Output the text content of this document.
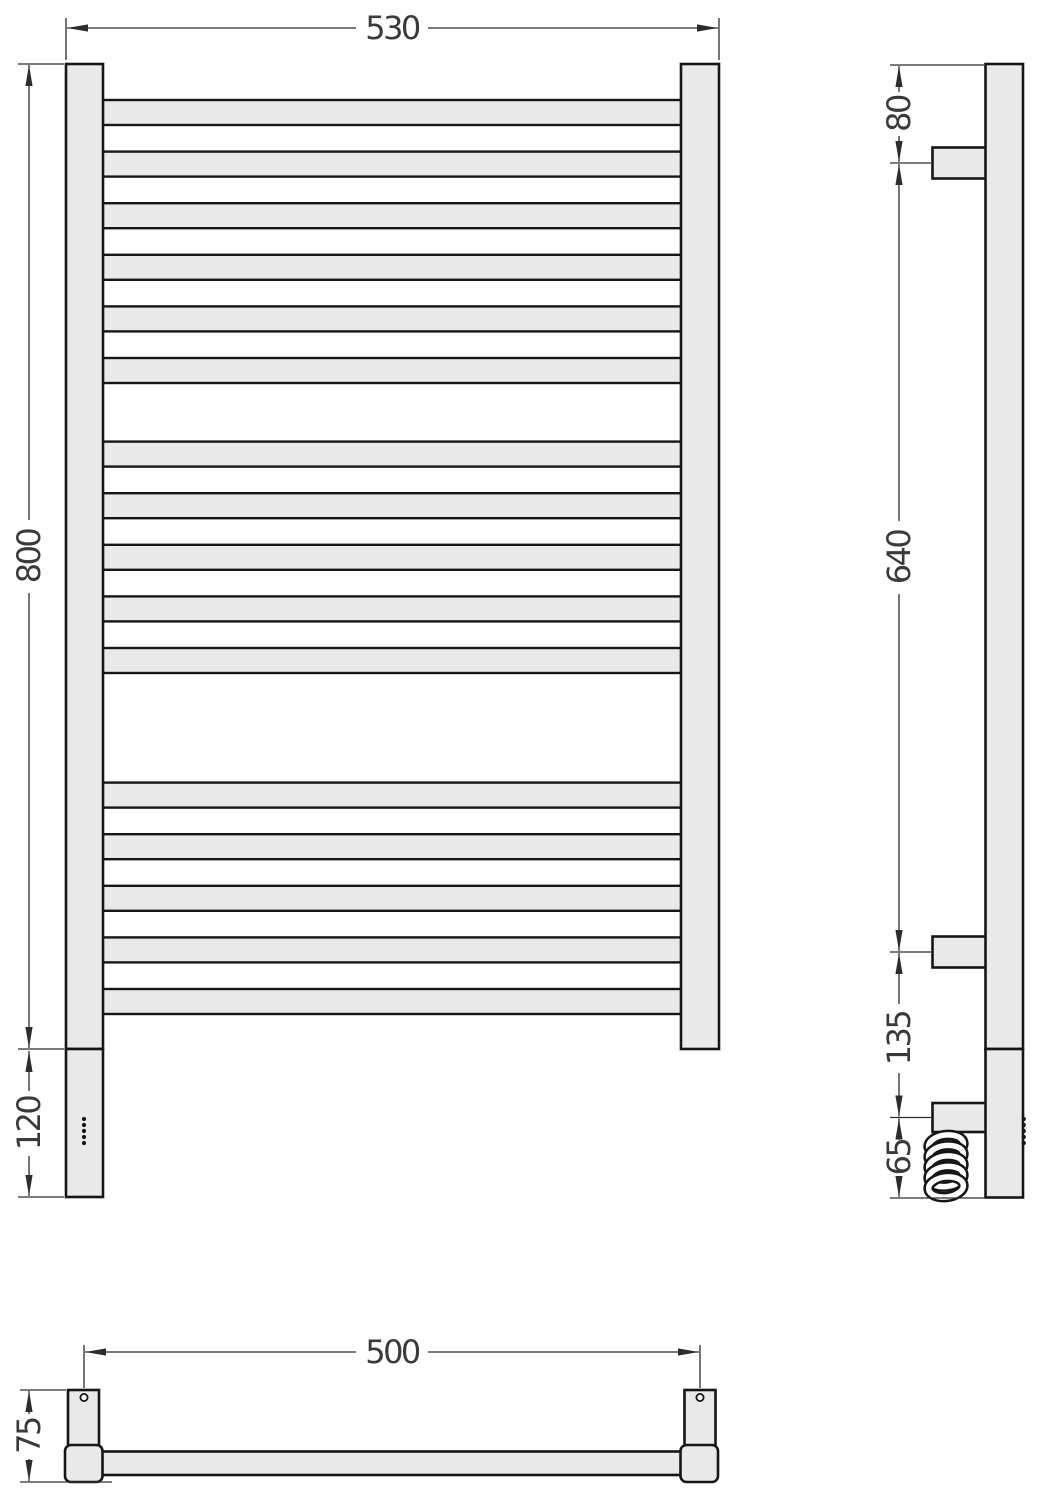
530
800
120
80
640
135
65
500
75
